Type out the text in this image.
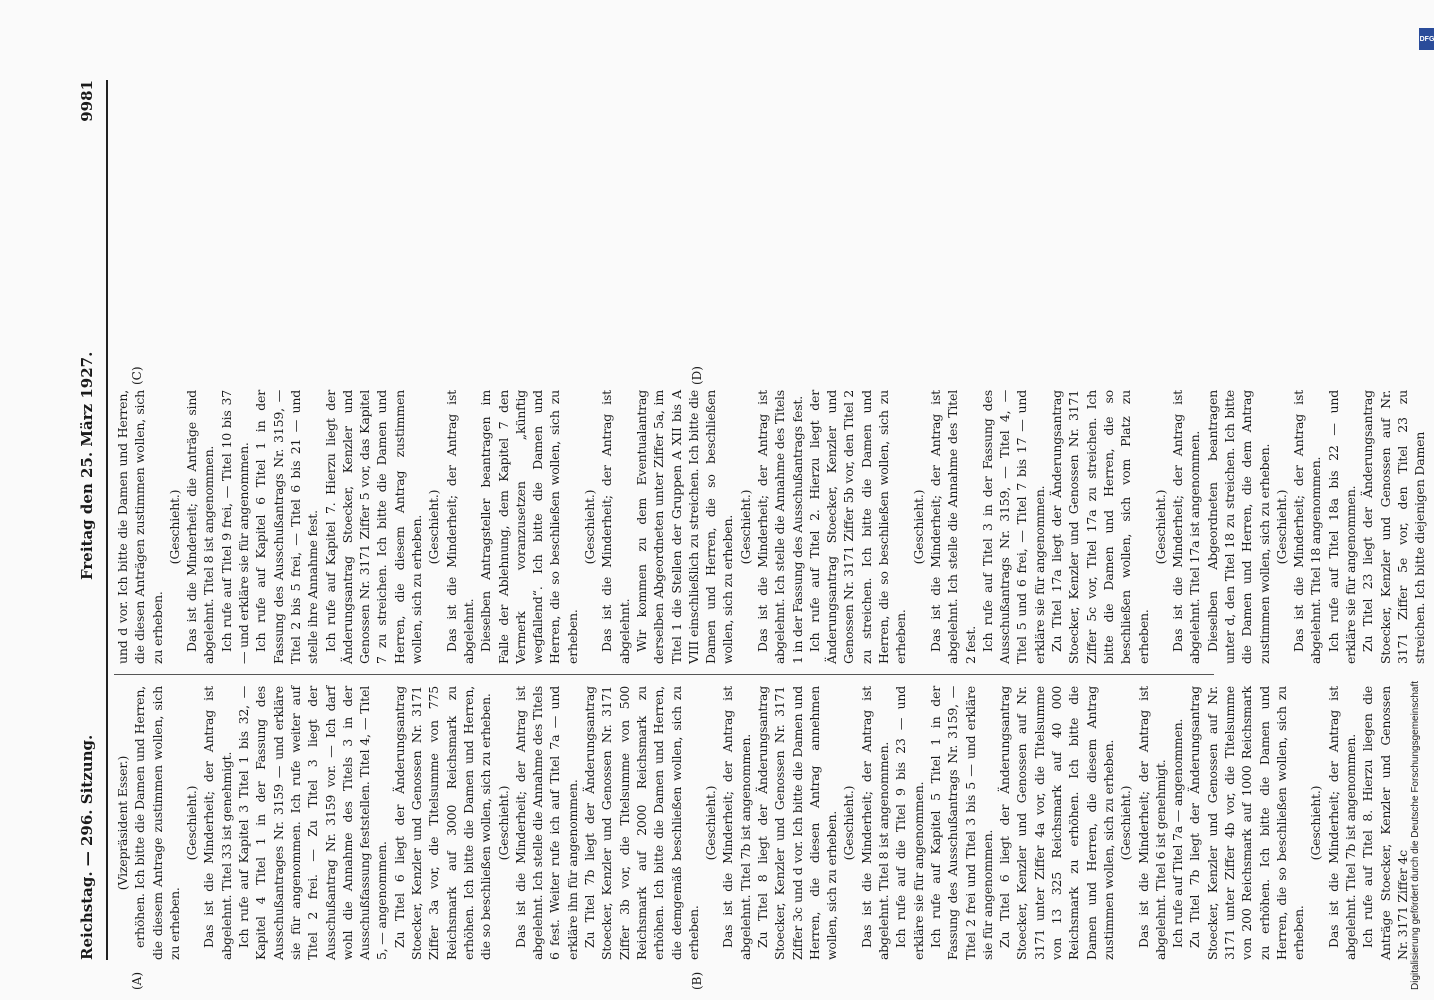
Reichstag. — 296. Sitzung.
Freitag den 25. März 1927.
9981

(Vizepräsident Esser.) erhöhen. Ich bitte die Damen und Herren, die diesem Antrage zustimmen wollen, sich zu erheben.

(Geschieht.) Das ist die Minderheit; der Antrag ist abgelehnt. Titel 33 ist genehmigt. Ich rufe auf Kapitel 3 Titel 1 bis 32, — Kapitel 4 Titel 1 in der Fassung des Ausschußantrages Nr. 3159 — und erkläre sie für angenommen. Ich rufe weiter auf Titel 2 frei. — Zu Titel 3 liegt der Ausschußantrag Nr. 3159 vor. — Ich darf wohl die Annahme des Titels 3 in der Ausschußfassung feststellen. Titel 4, — Titel 5, — angenommen. Zu Titel 6 liegt der Änderungsantrag Stoecker, Kenzler und Genossen Nr. 3171 Ziffer 3a vor, die Titelsumme von 775 Reichsmark auf 3000 Reichsmark zu erhöhen. Ich bitte die Damen und Herren, die so beschließen wollen, sich zu erheben. (Geschieht.) Das ist die Minderheit; der Antrag ist abgelehnt. Ich stelle die Annahme des Titels 6 fest. Weiter rufe ich auf Titel 7a — und erkläre ihn für angenommen. Zu Titel 7b liegt der Änderungsantrag Stoecker, Kenzler und Genossen Nr. 3171 Ziffer 3b vor, die Titelsumme von 500 Reichsmark auf 2000 Reichsmark zu erhöhen. Ich bitte die Damen und Herren, die demgemäß beschließen wollen, sich zu erheben.

(Geschieht.) Das ist die Minderheit; der Antrag ist abgelehnt. Titel 7b ist angenommen. Zu Titel 8 liegt der Änderungsantrag Stoecker, Kenzler und Genossen Nr. 3171 Ziffer 3c und d vor. Ich bitte die Damen und Herren, die diesen Antrag annehmen wollen, sich zu erheben. (Geschieht.) Das ist die Minderheit; der Antrag ist abgelehnt. Titel 8 ist angenommen. Ich rufe auf die Titel 9 bis 23 — und erkläre sie für angenommen. Ich rufe auf Kapitel 5 Titel 1 in der Fassung des Ausschußantrags Nr. 3159, — Titel 2 frei und Titel 3 bis 5 — und erkläre sie für angenommen. Zu Titel 6 liegt der Änderungsantrag Stoecker, Kenzler und Genossen auf Nr. 3171 unter Ziffer 4a vor, die Titelsumme von 13 325 Reichsmark auf 40 000 Reichsmark zu erhöhen. Ich bitte die Damen und Herren, die diesem Antrag zustimmen wollen, sich zu erheben. (Geschieht.) Das ist die Minderheit; der Antrag ist abgelehnt. Titel 6 ist genehmigt. Ich rufe auf Titel 7a — angenommen. Zu Titel 7b liegt der Änderungsantrag Stoecker, Kenzler und Genossen auf Nr. 3171 unter Ziffer 4b vor, die Titelsumme von 200 Reichsmark auf 1000 Reichsmark zu erhöhen. Ich bitte die Damen und Herren, die so beschließen wollen, sich zu erheben.

(Geschieht.) Das ist die Minderheit; der Antrag ist abgelehnt. Titel 7b ist angenommen. Ich rufe auf Titel 8. Hierzu liegen die Anträge Stoecker, Kenzler und Genossen Nr. 3171 Ziffer 4c

und d vor. Ich bitte die Damen und Herren, die diesen Anträgen zustimmen wollen, sich zu erheben.

(Geschieht.) Das ist die Minderheit; die Anträge sind abgelehnt. Titel 8 ist angenommen. Ich rufe auf Titel 9 frei, — Titel 10 bis 37 — und erkläre sie für angenommen. Ich rufe auf Kapitel 6 Titel 1 in der Fassung des Ausschußantrags Nr. 3159, — Titel 2 bis 5 frei, — Titel 6 bis 21 — und stelle ihre Annahme fest. Ich rufe auf Kapitel 7. Hierzu liegt der Änderungsantrag Stoecker, Kenzler und Genossen Nr. 3171 Ziffer 5 vor, das Kapitel 7 zu streichen. Ich bitte die Damen und Herren, die diesem Antrag zustimmen wollen, sich zu erheben. (Geschieht.) Das ist die Minderheit; der Antrag ist abgelehnt. Dieselben Antragsteller beantragen im Falle der Ablehnung, dem Kapitel 7 den Vermerk voranzusetzen „künftig wegfallend“. Ich bitte die Damen und Herren, die so beschließen wollen, sich zu erheben.

(Geschieht.) Das ist die Minderheit; der Antrag ist abgelehnt. Wir kommen zu dem Eventualantrag derselben Abgeordneten unter Ziffer 5a, im Titel 1 die Stellen der Gruppen A XII bis A VIII einschließlich zu streichen. Ich bitte die Damen und Herren, die so beschließen wollen, sich zu erheben. (Geschieht.) Das ist die Minderheit; der Antrag ist abgelehnt. Ich stelle die Annahme des Titels 1 in der Fassung des Ausschußantrags fest. Ich rufe auf Titel 2. Hierzu liegt der Änderungsantrag Stoecker, Kenzler und Genossen Nr. 3171 Ziffer 5b vor, den Titel 2 zu streichen. Ich bitte die Damen und Herren, die so beschließen wollen, sich zu erheben.

(Geschieht.) Das ist die Minderheit; der Antrag ist abgelehnt. Ich stelle die Annahme des Titel 2 fest. Ich rufe auf Titel 3 in der Fassung des Ausschußantrags Nr. 3159, — Titel 4, — Titel 5 und 6 frei, — Titel 7 bis 17 — und erkläre sie für angenommen. Zu Titel 17a liegt der Änderungsantrag Stoecker, Kenzler und Genossen Nr. 3171 Ziffer 5c vor, Titel 17a zu streichen. Ich bitte die Damen und Herren, die so beschließen wollen, sich vom Platz zu erheben.

(Geschieht.) Das ist die Minderheit; der Antrag ist abgelehnt. Titel 17a ist angenommen. Dieselben Abgeordneten beantragen unter d, den Titel 18 zu streichen. Ich bitte die Damen und Herren, die dem Antrag zustimmen wollen, sich zu erheben. (Geschieht.) Das ist die Minderheit; der Antrag ist abgelehnt. Titel 18 angenommen. Ich rufe auf Titel 18a bis 22 — und erkläre sie für angenommen. Zu Titel 23 liegt der Änderungsantrag Stoecker, Kenzler und Genossen auf Nr. 3171 Ziffer 5e vor, den Titel 23 zu streichen. Ich bitte diejenigen Damen

(A)	(B)
(C)	(D)
DFG
Digitalisierung gefördert durch die Deutsche Forschungsgemeinschaft
